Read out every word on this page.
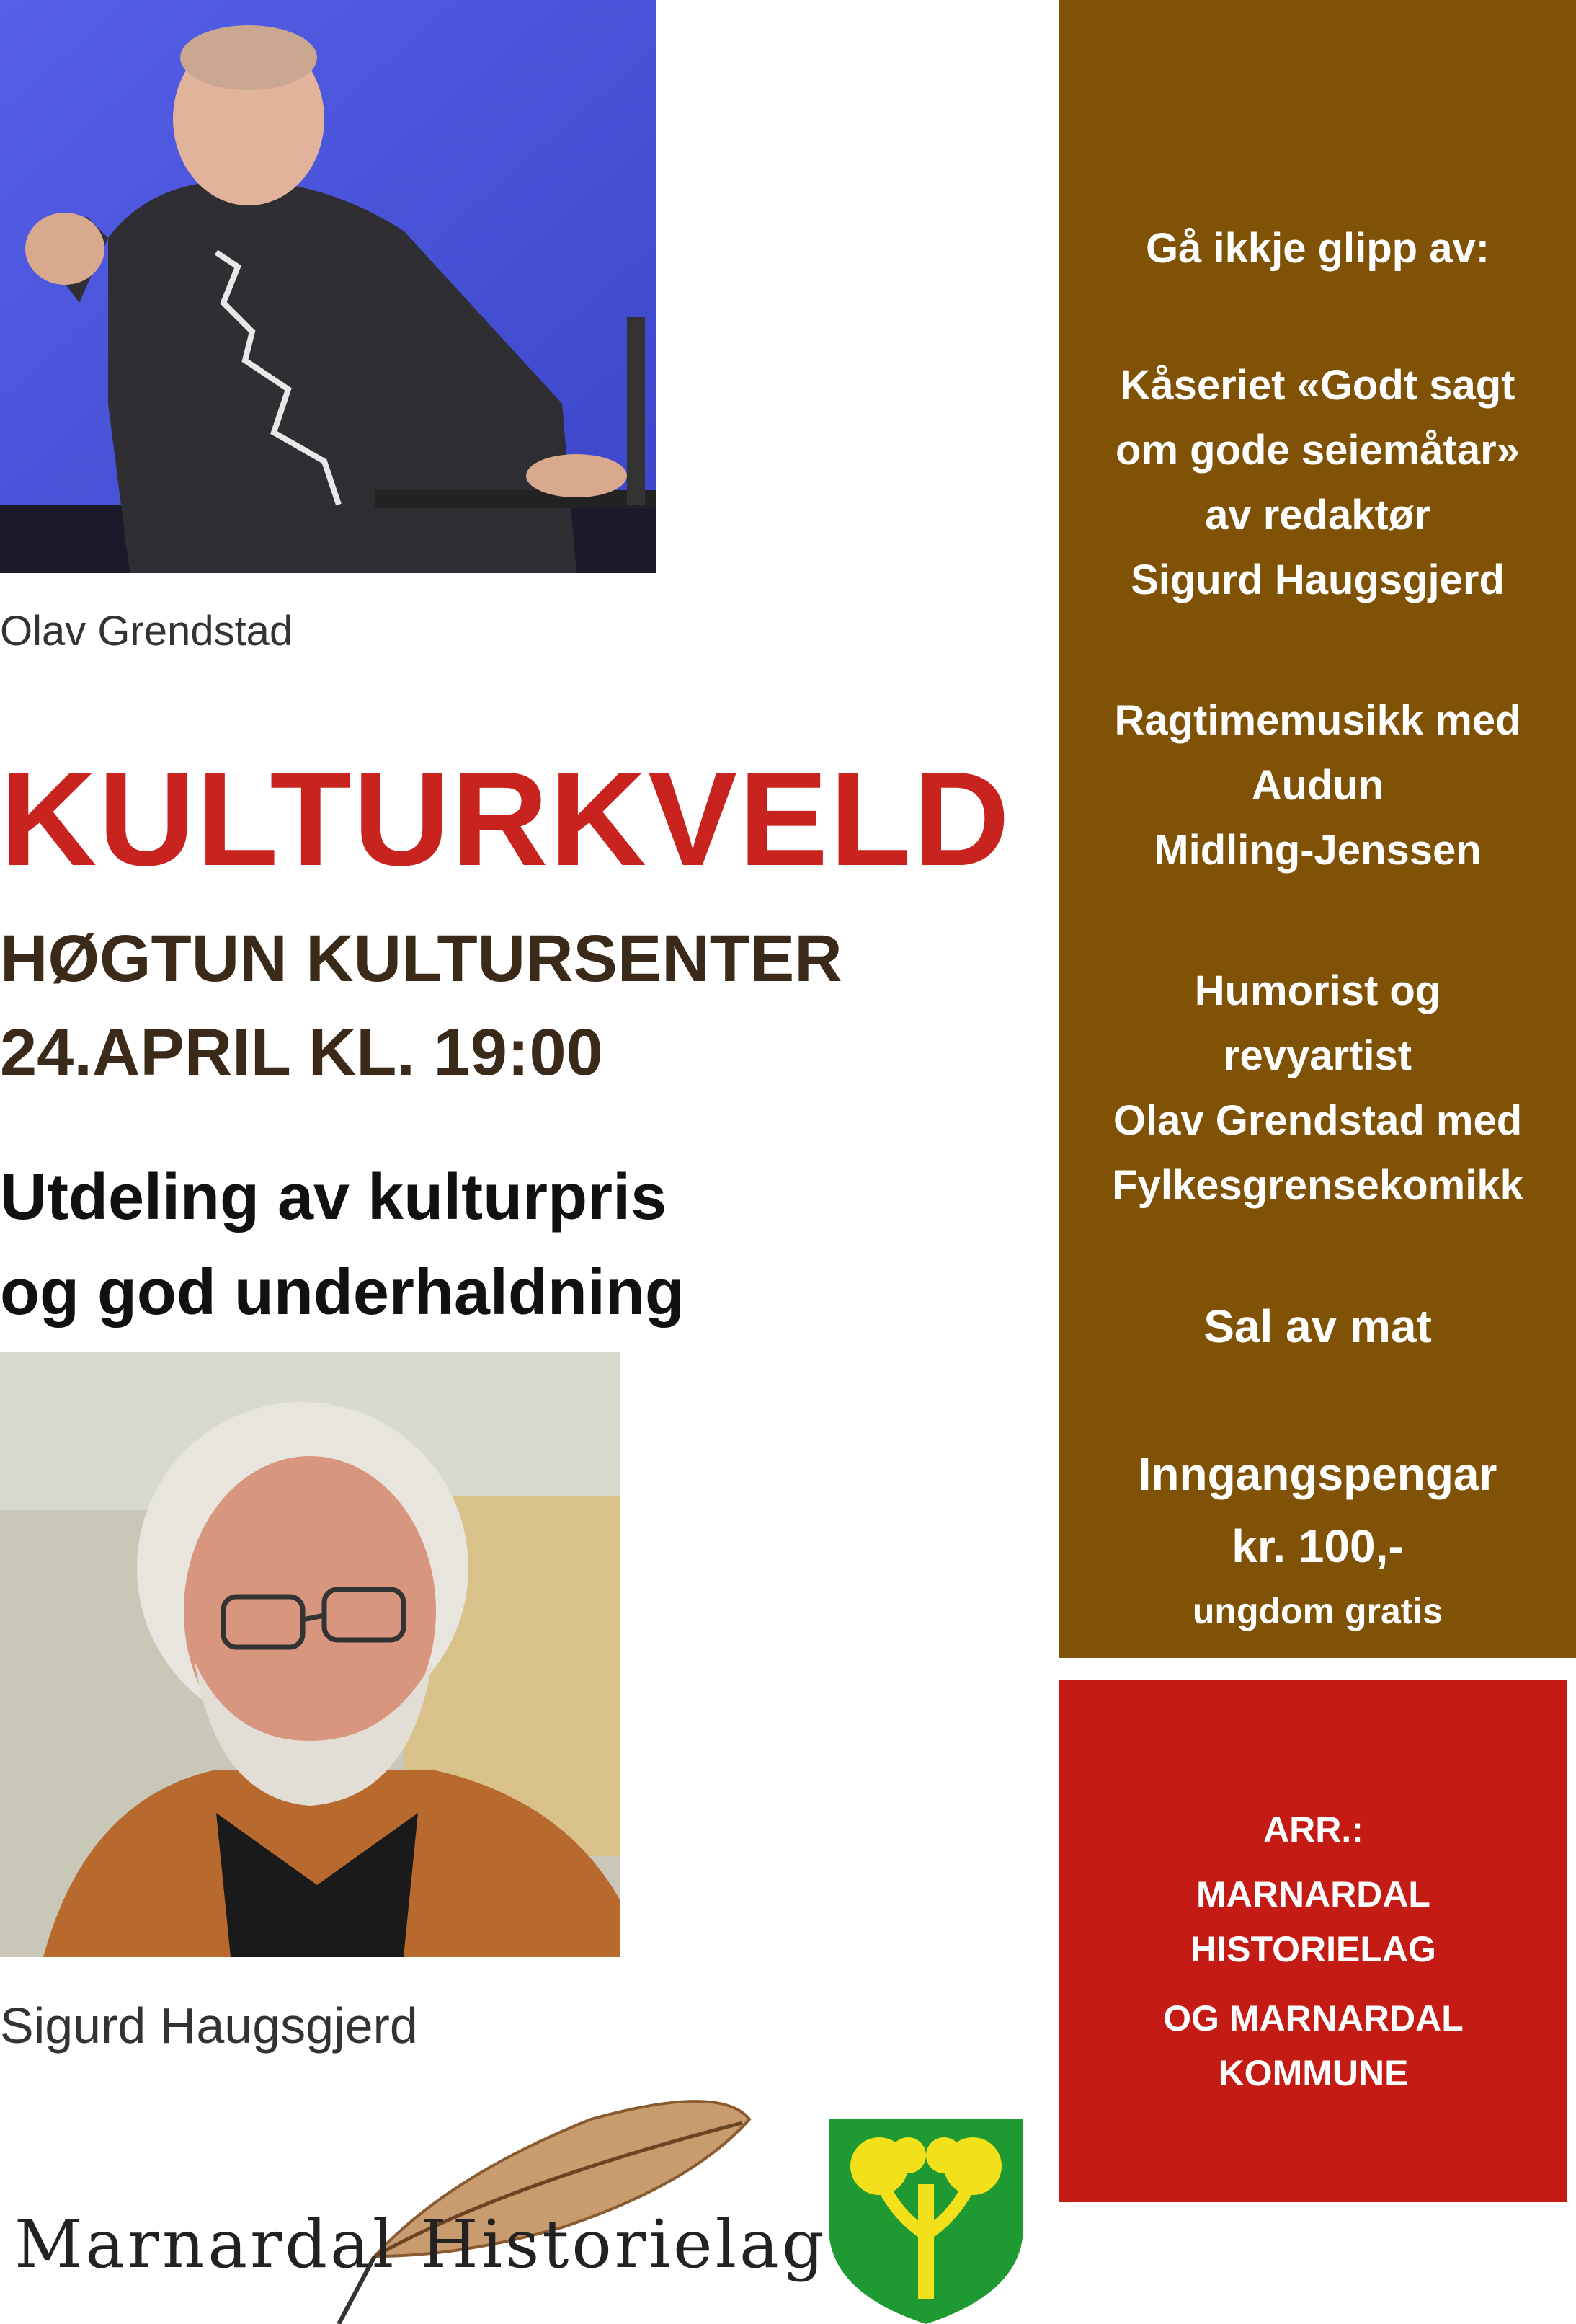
Olav Grendstad
KULTURKVELD
HØGTUN KULTURSENTER
24.APRIL KL. 19:00
Utdeling av kulturpris
og god underhaldning
Sigurd Haugsgjerd
Marnardal Historielag
Gå ikkje glipp av:
Kåseriet «Godt sagt
om gode seiemåtar»
av redaktør
Sigurd Haugsgjerd
Ragtimemusikk med
Audun
Midling-Jenssen
Humorist og
revyartist
Olav Grendstad med
Fylkesgrensekomikk
Sal av mat
Inngangspengar
kr. 100,-
ungdom gratis
ARR.:
MARNARDAL
HISTORIELAG
OG MARNARDAL
KOMMUNE
